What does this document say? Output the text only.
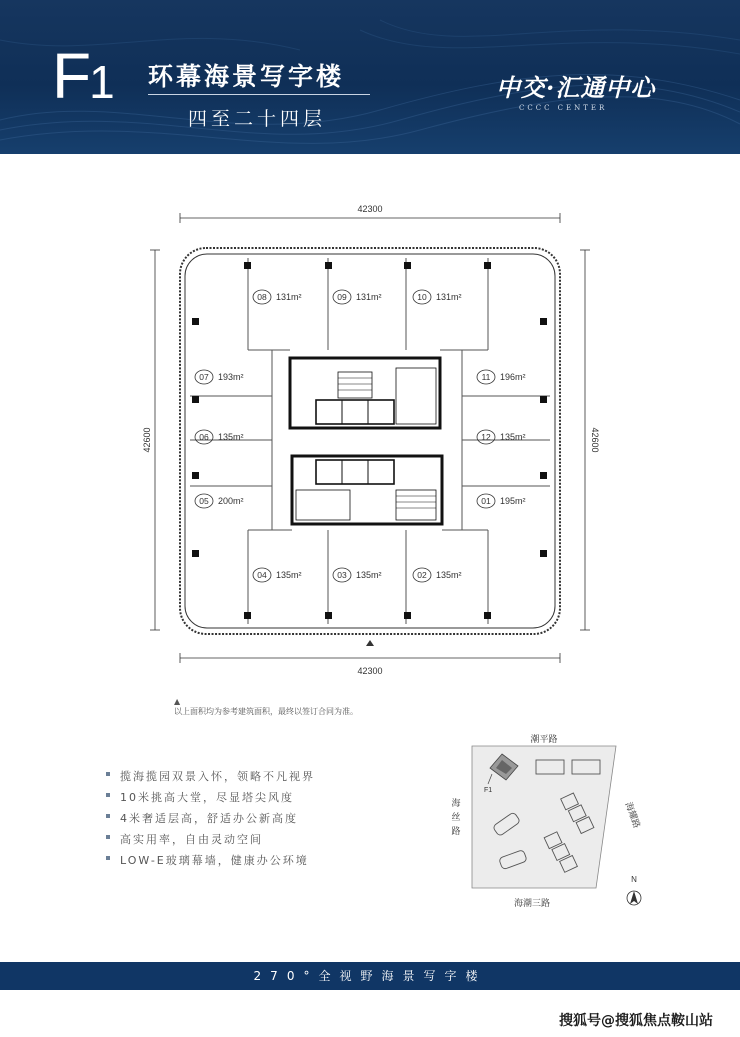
F1 环幕海景写字楼
四至二十四层
中交·汇通中心
CCCC CENTER
42300
42300
42600	42600
08 131m²	09 131m²	10 131m²
07 193m²	11 196m²
06 135m²	12 135m²
05 200m²	01 195m²
04 135m²	03 135m²	02 135m²
▲
以上面积均为参考建筑面积，最终以签订合同为准。
揽海揽园双景入怀，领略不凡视界
10米挑高大堂，尽显塔尖风度
4米奢适层高，舒适办公新高度
高实用率，自由灵动空间
LOW-E玻璃幕墙，健康办公环境
F1
潮平路
海丝路
海耀路
海潮三路
N
270°全视野海景写字楼
搜狐号@搜狐焦点鞍山站
